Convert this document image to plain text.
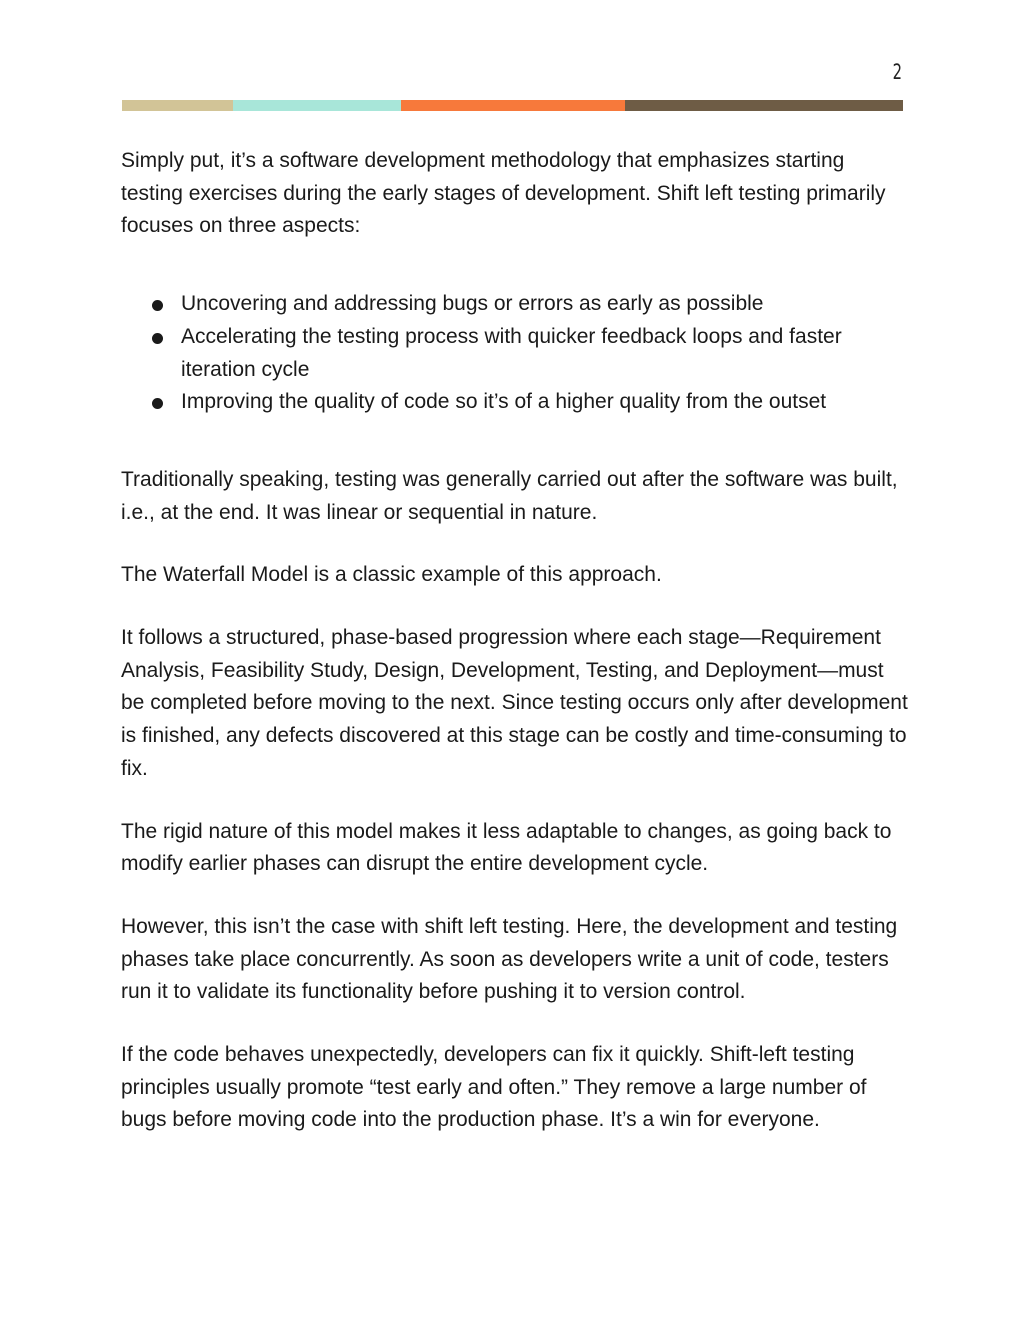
2

Simply put, it’s a software development methodology that emphasizes starting testing exercises during the early stages of development. Shift left testing primarily focuses on three aspects:

Uncovering and addressing bugs or errors as early as possible
Accelerating the testing process with quicker feedback loops and faster iteration cycle
Improving the quality of code so it’s of a higher quality from the outset

Traditionally speaking, testing was generally carried out after the software was built, i.e., at the end. It was linear or sequential in nature.

The Waterfall Model is a classic example of this approach.

It follows a structured, phase-based progression where each stage—Requirement Analysis, Feasibility Study, Design, Development, Testing, and Deployment—must be completed before moving to the next. Since testing occurs only after development is finished, any defects discovered at this stage can be costly and time-consuming to fix.

The rigid nature of this model makes it less adaptable to changes, as going back to modify earlier phases can disrupt the entire development cycle.

However, this isn’t the case with shift left testing. Here, the development and testing phases take place concurrently. As soon as developers write a unit of code, testers run it to validate its functionality before pushing it to version control.

If the code behaves unexpectedly, developers can fix it quickly. Shift-left testing principles usually promote “test early and often.” They remove a large number of bugs before moving code into the production phase. It’s a win for everyone.
